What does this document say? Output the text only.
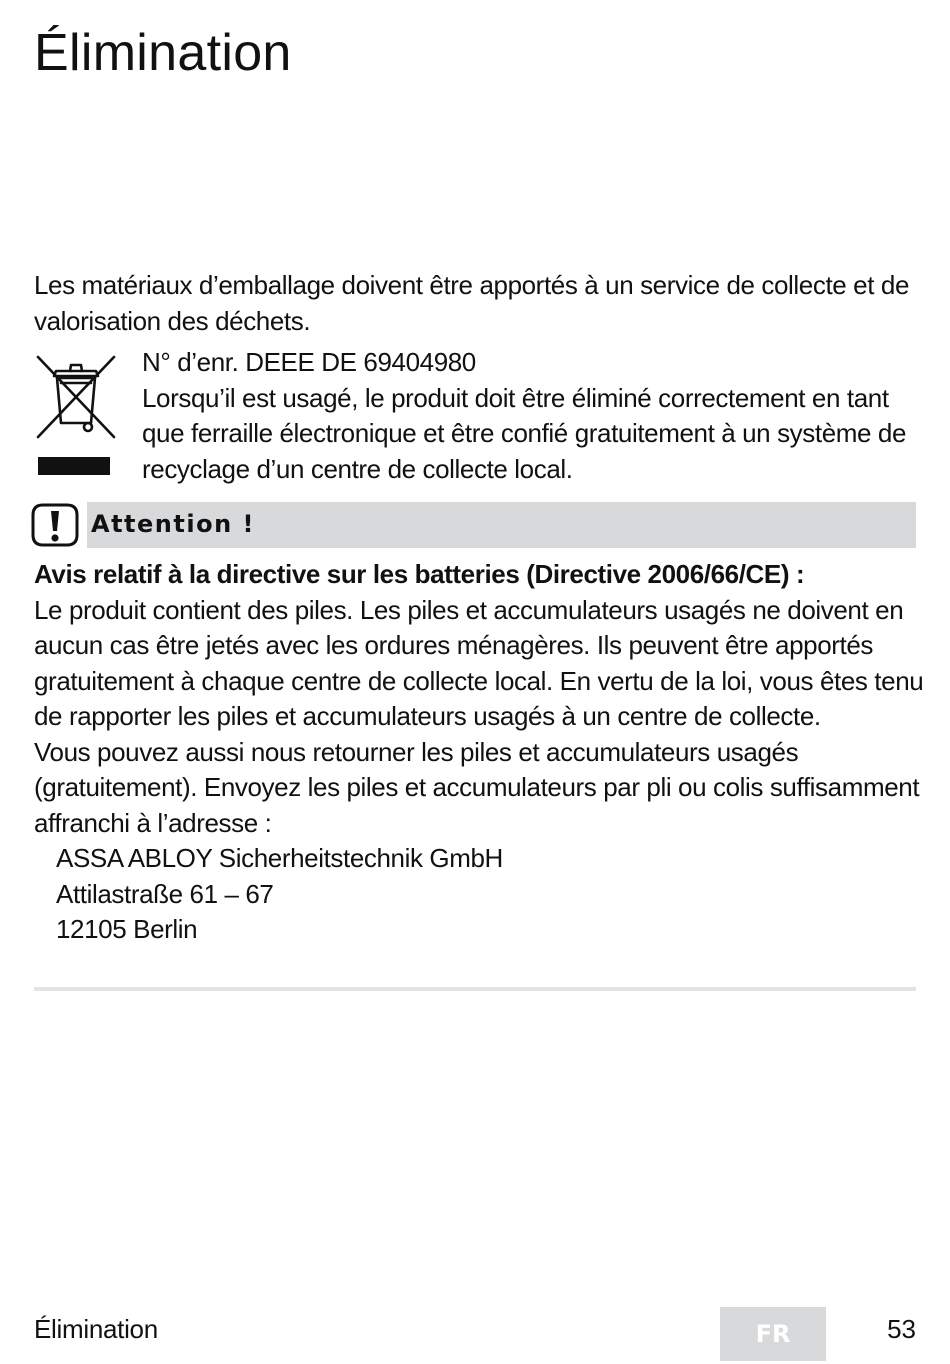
Élimination

Les matériaux d’emballage doivent être apportés à un service de collecte et de valorisation des déchets.

N° d’enr. DEEE DE 69404980
Lorsqu’il est usagé, le produit doit être éliminé correctement en tant que ferraille électronique et être confié gratuitement à un système de recyclage d’un centre de collecte local.
Attention !

Avis relatif à la directive sur les batteries (Directive 2006/66/CE) :

Le produit contient des piles. Les piles et accumulateurs usagés ne doivent en aucun cas être jetés avec les ordures ménagères. Ils peuvent être apportés gratuitement à chaque centre de collecte local. En vertu de la loi, vous êtes tenu de rapporter les piles et accumulateurs usagés à un centre de collecte.

Vous pouvez aussi nous retourner les piles et accumulateurs usagés (gratuitement). Envoyez les piles et accumulateurs par pli ou colis suffisamment affranchi à l’adresse :

ASSA ABLOY Sicherheitstechnik GmbH
Attilastraße 61 – 67
12105 Berlin
Élimination	FR	53
